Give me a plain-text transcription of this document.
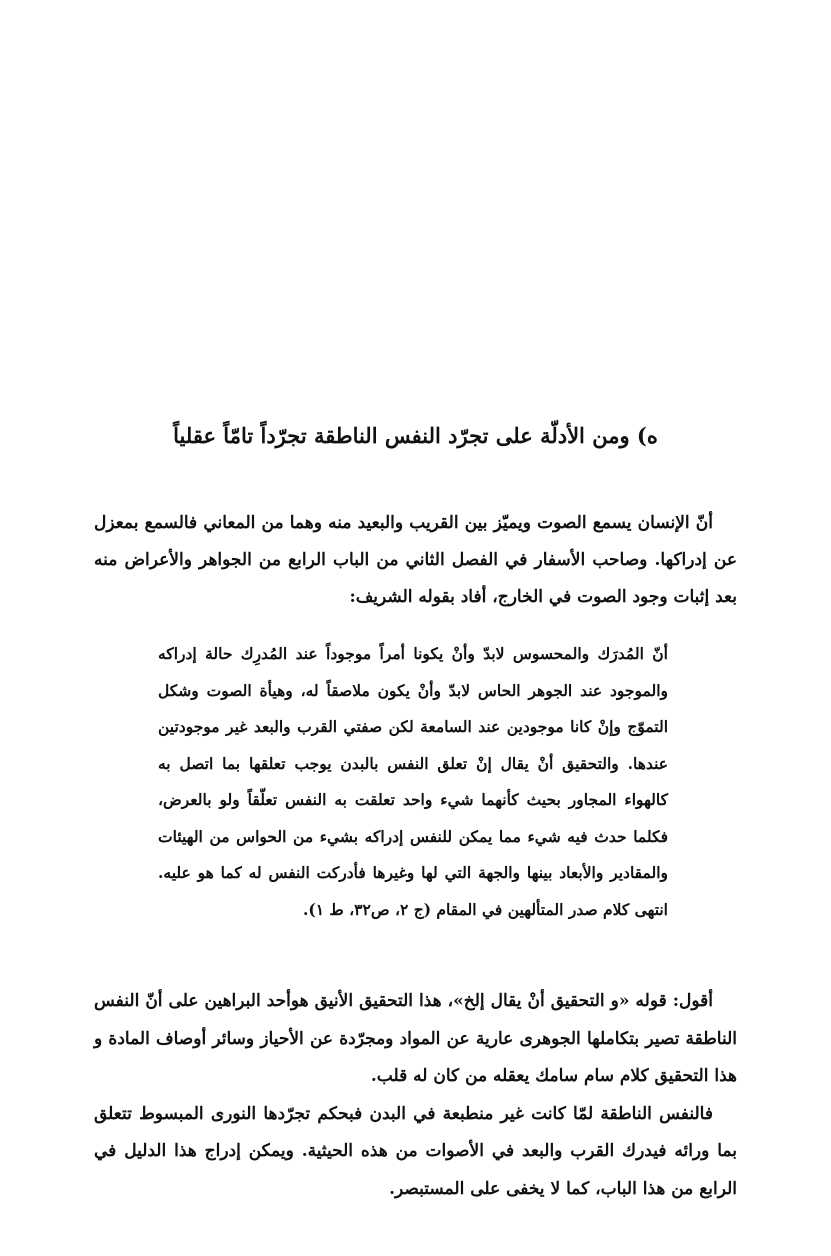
ه) ومن الأدلّة على تجرّد النفس الناطقة تجرّداً تامّاً عقلياً

أنّ الإنسان يسمع الصوت ويميّز بين القريب والبعيد منه وهما من المعاني فالسمع بمعزل عن إدراكها. وصاحب الأسفار في الفصل الثاني من الباب الرابع من الجواهر والأعراض منه بعد إثبات وجود الصوت في الخارج، أفاد بقوله الشريف:

أنّ المُدرَك والمحسوس لابدّ وأنْ يكونا أمراً موجوداً عند المُدرِك حالة إدراكه والموجود عند الجوهر الحاس لابدّ وأنْ يكون ملاصقاً له، وهيأة الصوت وشكل التموّج وإنْ كانا موجودين عند السامعة لكن صفتي القرب والبعد غير موجودتين عندها. والتحقيق أنْ يقال إنْ تعلق النفس بالبدن يوجب تعلقها بما اتصل به كالهواء المجاور بحيث كأنهما شيء واحد تعلقت به النفس تعلّقاً ولو بالعرض، فكلما حدث فيه شيء مما يمكن للنفس إدراكه بشيء من الحواس من الهيئات والمقادير والأبعاد بينها والجهة التي لها وغيرها فأدركت النفس له كما هو عليه. انتهى كلام صدر المتألهين في المقام (ج ٢، ص٣٢، ط ١).

أقول: قوله «و التحقيق أنْ يقال إلخ»، هذا التحقيق الأنيق هوأحد البراهين على أنّ النفس الناطقة تصير بتكاملها الجوهرى عارية عن المواد ومجرّدة عن الأحياز وسائر أوصاف المادة و هذا التحقيق كلام سام سامك يعقله من كان له قلب.

فالنفس الناطقة لمّا كانت غير منطبعة في البدن فبحكم تجرّدها النورى المبسوط تتعلق بما ورائه فيدرك القرب والبعد في الأصوات من هذه الحيثية. ويمكن إدراج هذا الدليل في الرابع من هذا الباب، كما لا يخفى على المستبصر.
